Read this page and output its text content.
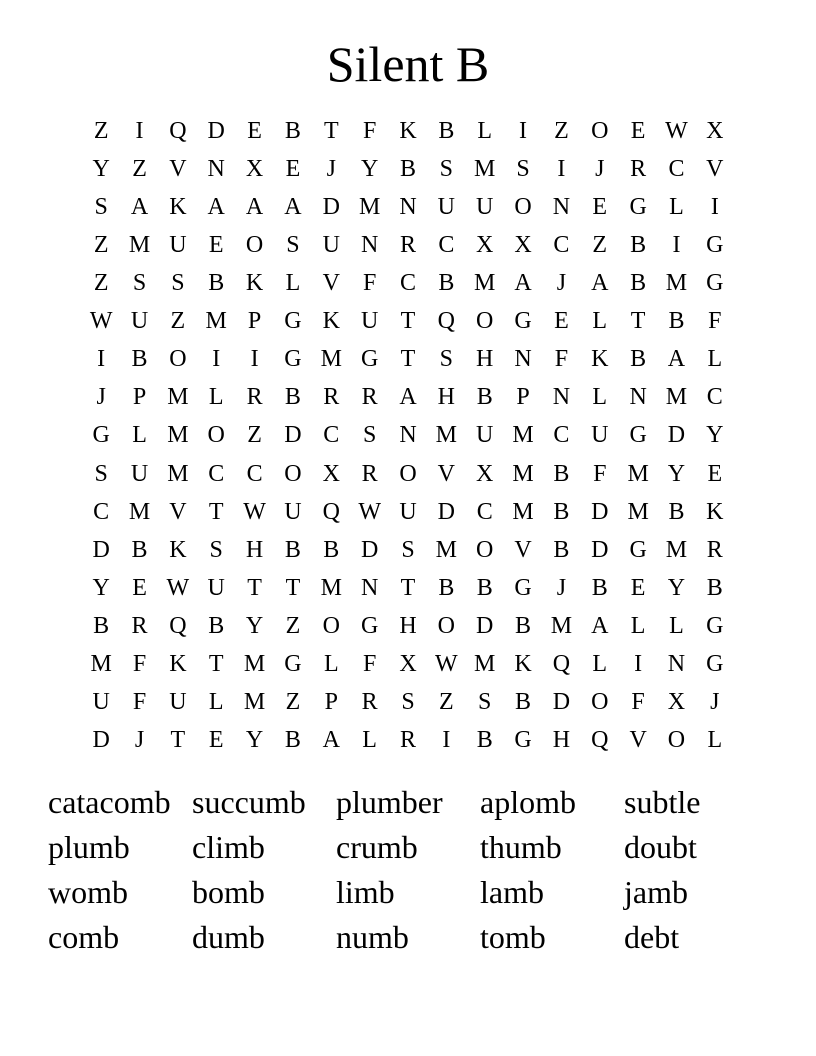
Silent B
Z	I	Q D E B T	F K B L	I	Z O E W X
Y Z V N X E	J	Y B S M S	I	J	R C V
S A K A A A D M N U U O N E G L	I
Z M U E O S U N R C X X C Z B	I	G
Z	S	S B K L V F C B M A	J	A B M G
W U Z M P G K U T Q O G E L T B F
I	B O	I	I	G M G T	S H N F K B A L
J	P M L R B R R A H B P N L N M C
G L M O Z D C S N M U M C U G D Y
S U M C C O X R O V X M B F M Y E
C M V T W U Q W U D C M B D M B K
D B K S H B B D S M O V B D G M R
Y E W U T T M N T B B G	J	B E Y B
B R Q B Y Z O G H O D B M A L L G
M F K T M G L	F X W M K Q L	I	N G
U F U L M Z	P R S	Z	S B D O F X	J
D	J	T E Y B A L R	I	B G H Q V O L
catacomb succumb plumber	aplomb	subtle
plumb	climb	crumb	thumb	doubt
womb	bomb	limb	lamb	jamb
comb	dumb	numb	tomb	debt
